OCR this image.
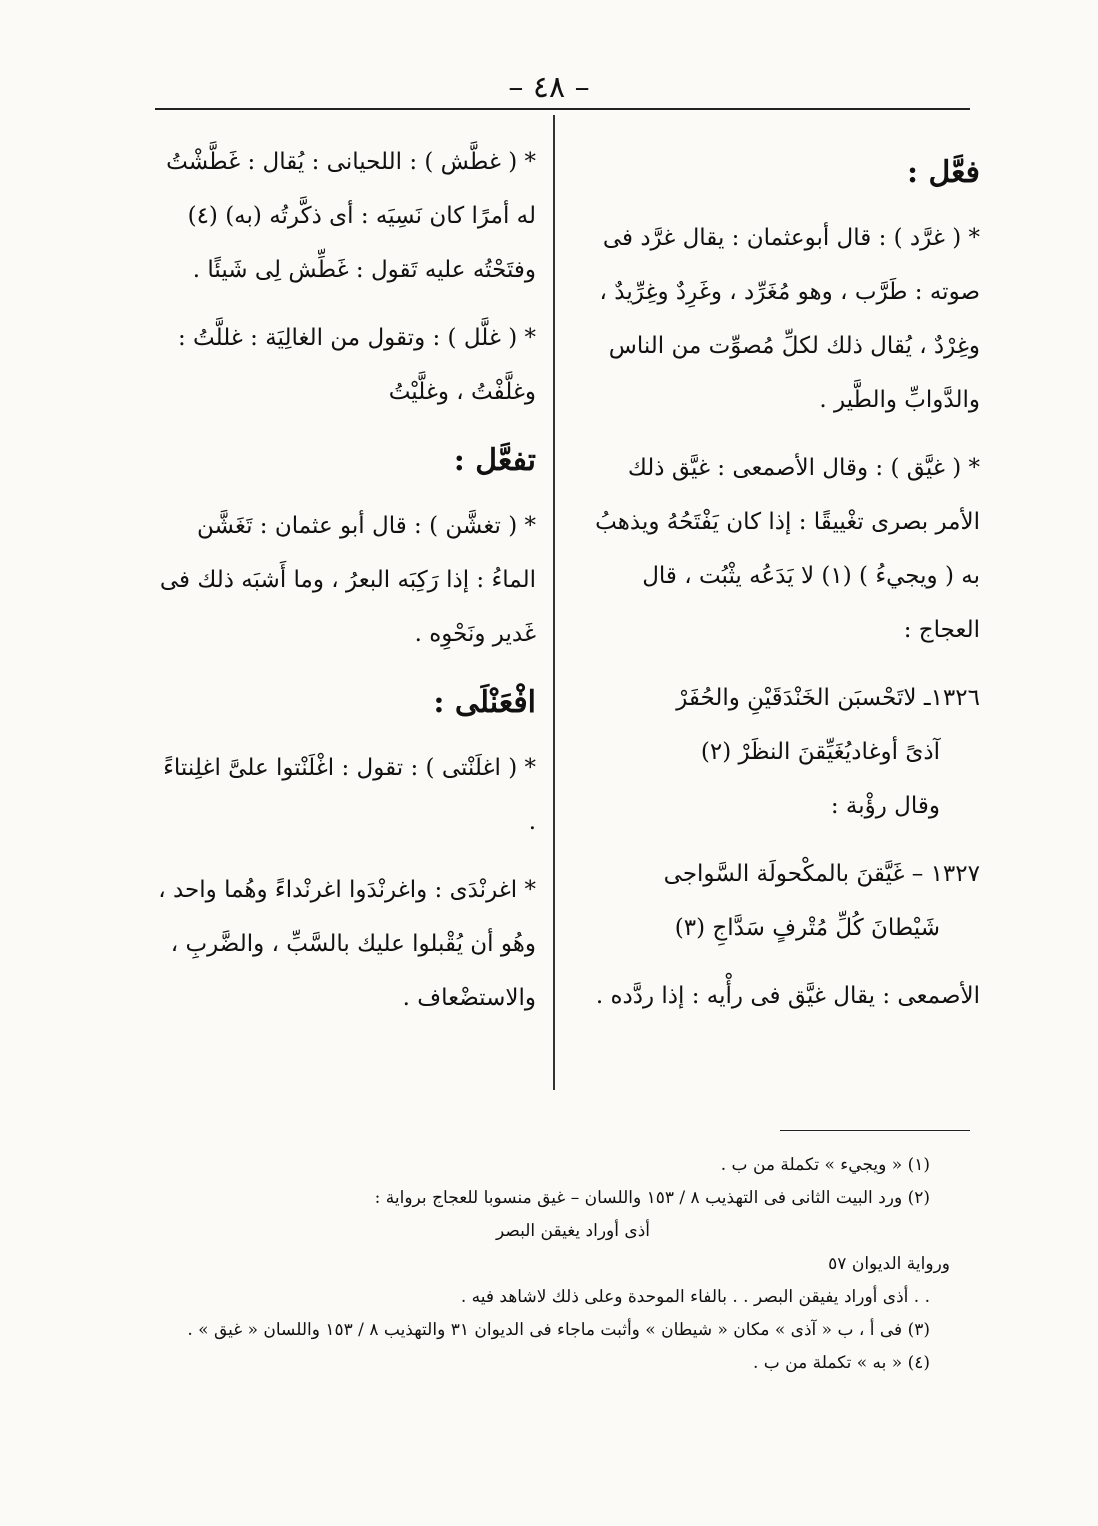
– ٤٨ –
فعَّل :

* ( غرَّد ) : قال أبوعثمان : يقال غرَّد فى صوته : طَرَّب ، وهو مُغَرِّد ، وغَرِدٌ وغِرِّيدٌ ، وغِرْدٌ ، يُقال ذلك لكلِّ مُصوِّت من الناس والدَّوابِّ والطَّير .

* ( غيَّق ) : وقال الأصمعى : غيَّق ذلك الأمر بصرى تغْييقًا : إذا كان يَفْتَحُهُ ويذهبُ به ( ويجيءُ ) (١) لا يَدَعُه يثْبُت ، قال العجاج :

١٣٢٦ـ لاتَحْسبَن الخَنْدَقَيْنِ والحُفَرْ
آذىً أوغاديُغَيِّقنَ النظَرْ (٢)

وقال رؤْبة :

١٣٢٧ – غَيَّقنَ بالمكْحولَة السَّواجى
شَيْطانَ كُلِّ مُتْرفٍ سَدَّاجِ (٣)

الأصمعى : يقال غيَّق فى رأْيه : إذا ردَّده .

* ( غطَّش ) : اللحيانى : يُقال : غَطَّشْتُ له أمرًا كان نَسِيَه : أى ذكَّرتُه (به) (٤) وفتَحْتُه عليه تَقول : غَطِّش لِى شَيئًا .

* ( غلَّل ) : وتقول من الغالِيَة : غللَّتُ : وغلَّفْتُ ، وغلَّيْتُ

تفعَّل :

* ( تغشَّن ) : قال أبو عثمان : تَغَشَّن الماءُ : إذا رَكِبَه البعرُ ، وما أَشبَه ذلك فى غَدير ونَحْوِه .

افْعَنْلَى :

* ( اغلَنْتى ) : تقول : اغْلَنْتوا علىَّ اغلِنتاءً .

* اغرنْدَى : واغرنْدَوا اغرنْداءً وهُما واحد ، وهُو أن يُقْبلوا عليك بالسَّبِّ ، والضَّربِ ، والاستضْعاف .

(١) « ويجيء » تكملة من ب .

(٢) ورد البيت الثانى فى التهذيب ٨ / ١٥٣ واللسان – غيق منسوبا للعجاج برواية :

أذى أوراد يغيقن البصر

ورواية الديوان ٥٧

. . أذى أوراد يفيقن البصر . . بالفاء الموحدة وعلى ذلك لاشاهد فيه .

(٣) فى أ ، ب « آذى » مكان « شيطان » وأثبت ماجاء فى الديوان ٣١ والتهذيب ٨ / ١٥٣ واللسان « غيق » .

(٤) « به » تكملة من ب .
